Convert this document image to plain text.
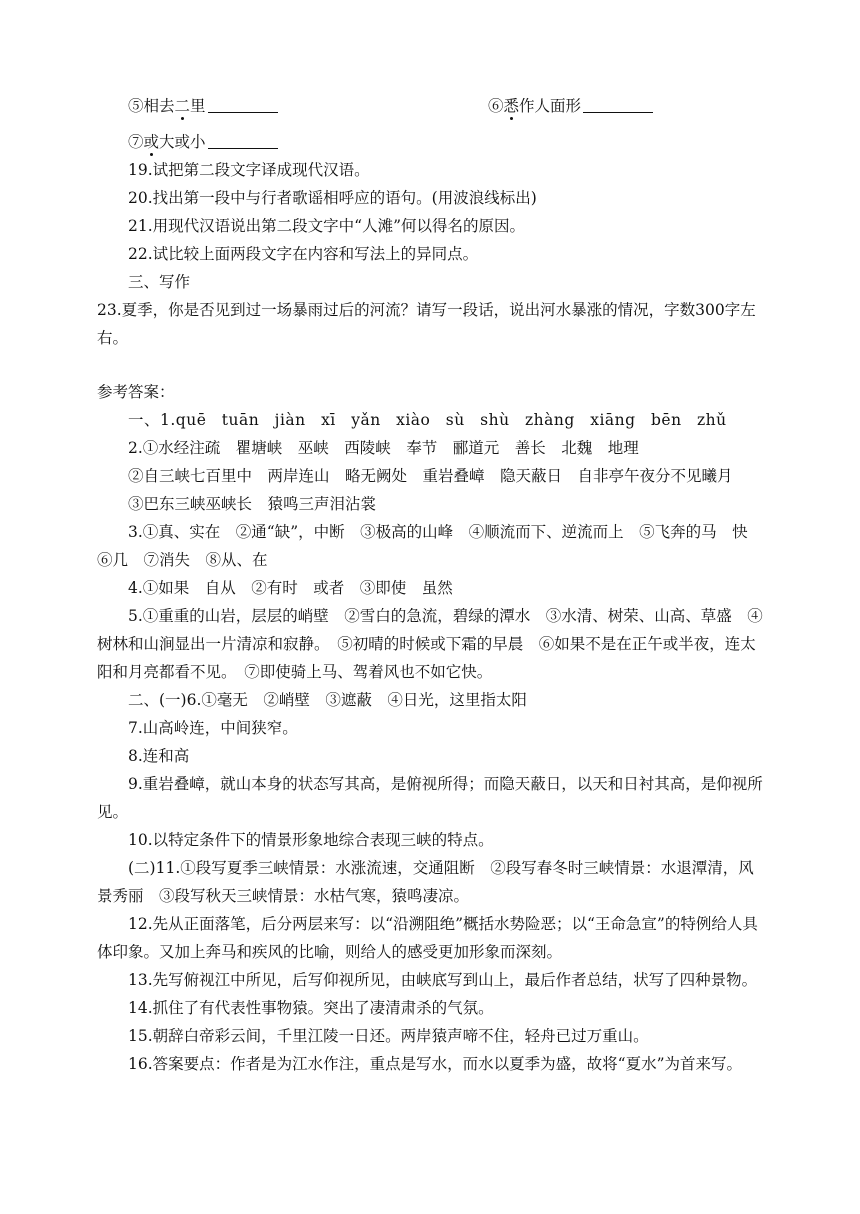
⑤相去二里	⑥悉作人面形
⑦或大或小

19.试把第二段文字译成现代汉语。

20.找出第一段中与行者歌谣相呼应的语句。(用波浪线标出)

21.用现代汉语说出第二段文字中“人滩”何以得名的原因。

22.试比较上面两段文字在内容和写法上的异同点。

三、写作

23.夏季，你是否见到过一场暴雨过后的河流？请写一段话，说出河水暴涨的情况，字数300字左右。

参考答案：

一、1.quē tuān jiàn xī yǎn xiào sù shù zhàng xiāng bēn zhǔ

2.①水经注疏　瞿塘峡　巫峡　西陵峡　奉节　郦道元　善长　北魏　地理

②自三峡七百里中　两岸连山　略无阙处　重岩叠嶂　隐天蔽日　自非亭午夜分不见曦月

③巴东三峡巫峡长　猿鸣三声泪沾裳

3.①真、实在　②通“缺”，中断　③极高的山峰　④顺流而下、逆流而上　⑤飞奔的马　快　⑥几　⑦消失　⑧从、在

4.①如果　自从　②有时　或者　③即使　虽然

5.①重重的山岩，层层的峭壁　②雪白的急流，碧绿的潭水　③水清、树荣、山高、草盛　④树林和山涧显出一片清凉和寂静。　⑤初晴的时候或下霜的早晨　⑥如果不是在正午或半夜，连太阳和月亮都看不见。　⑦即使骑上马、驾着风也不如它快。

二、(一)6.①毫无　②峭壁　③遮蔽　④日光，这里指太阳

7.山高岭连，中间狭窄。

8.连和高

9.重岩叠嶂，就山本身的状态写其高，是俯视所得；而隐天蔽日，以天和日衬其高，是仰视所见。

10.以特定条件下的情景形象地综合表现三峡的特点。

(二)11.①段写夏季三峡情景：水涨流速，交通阻断　②段写春冬时三峡情景：水退潭清，风景秀丽　③段写秋天三峡情景：水枯气寒，猿鸣凄凉。

12.先从正面落笔，后分两层来写：以“沿溯阻绝”概括水势险恶；以“王命急宣”的特例给人具体印象。又加上奔马和疾风的比喻，则给人的感受更加形象而深刻。

13.先写俯视江中所见，后写仰视所见，由峡底写到山上，最后作者总结，状写了四种景物。

14.抓住了有代表性事物猿。突出了凄清肃杀的气氛。

15.朝辞白帝彩云间，千里江陵一日还。两岸猿声啼不住，轻舟已过万重山。

16.答案要点：作者是为江水作注，重点是写水，而水以夏季为盛，故将“夏水”为首来写。
